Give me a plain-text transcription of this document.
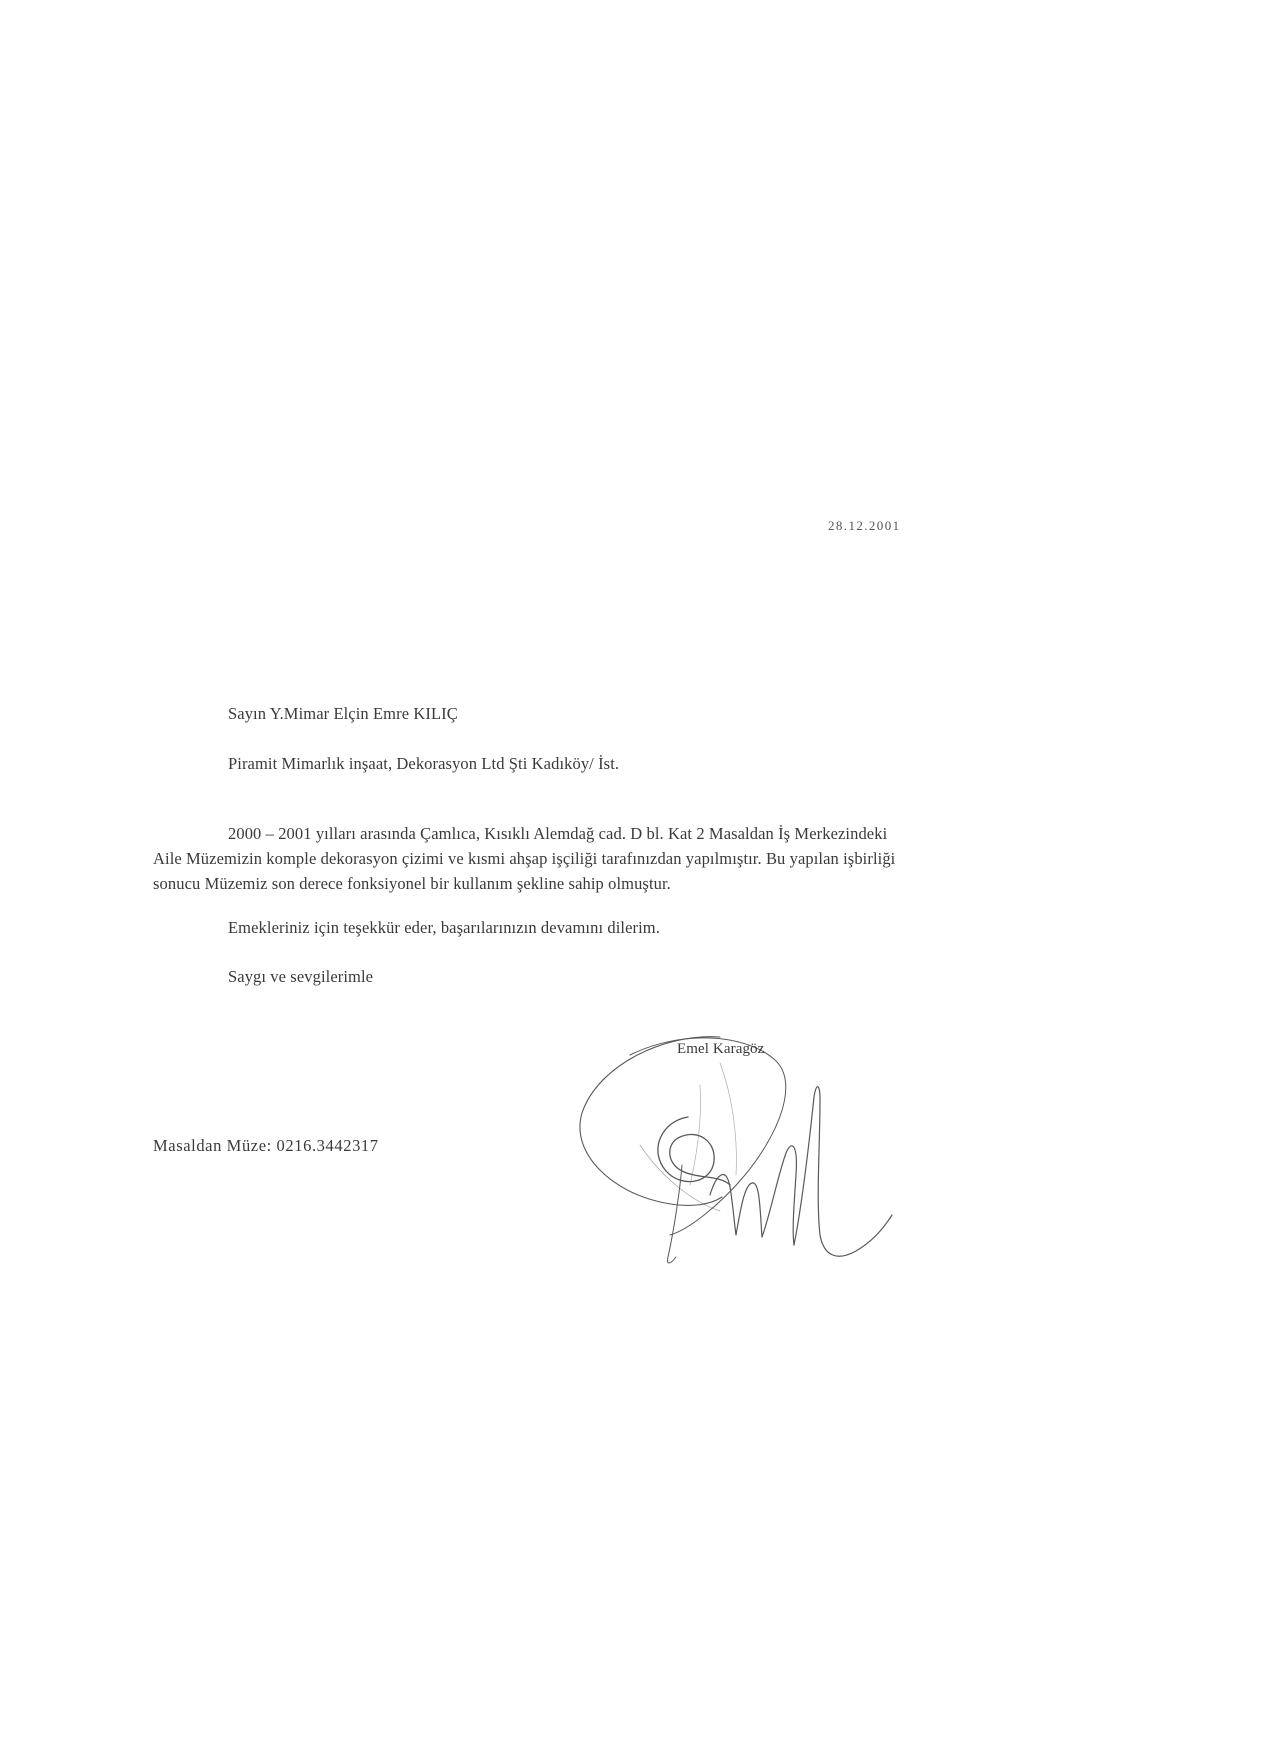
28.12.2001
Sayın Y.Mimar Elçin Emre KILIÇ
Piramit Mimarlık inşaat, Dekorasyon Ltd Şti Kadıköy/ İst.
2000 – 2001 yılları arasında Çamlıca, Kısıklı Alemdağ cad. D bl. Kat 2 Masaldan İş Merkezindeki
Aile Müzemizin komple dekorasyon çizimi ve kısmi ahşap işçiliği tarafınızdan yapılmıştır. Bu yapılan işbirliği
sonucu Müzemiz son derece fonksiyonel bir kullanım şekline sahip olmuştur.
Emekleriniz için teşekkür eder, başarılarınızın devamını dilerim.
Saygı ve sevgilerimle
Emel Karagöz
Masaldan Müze: 0216.3442317
